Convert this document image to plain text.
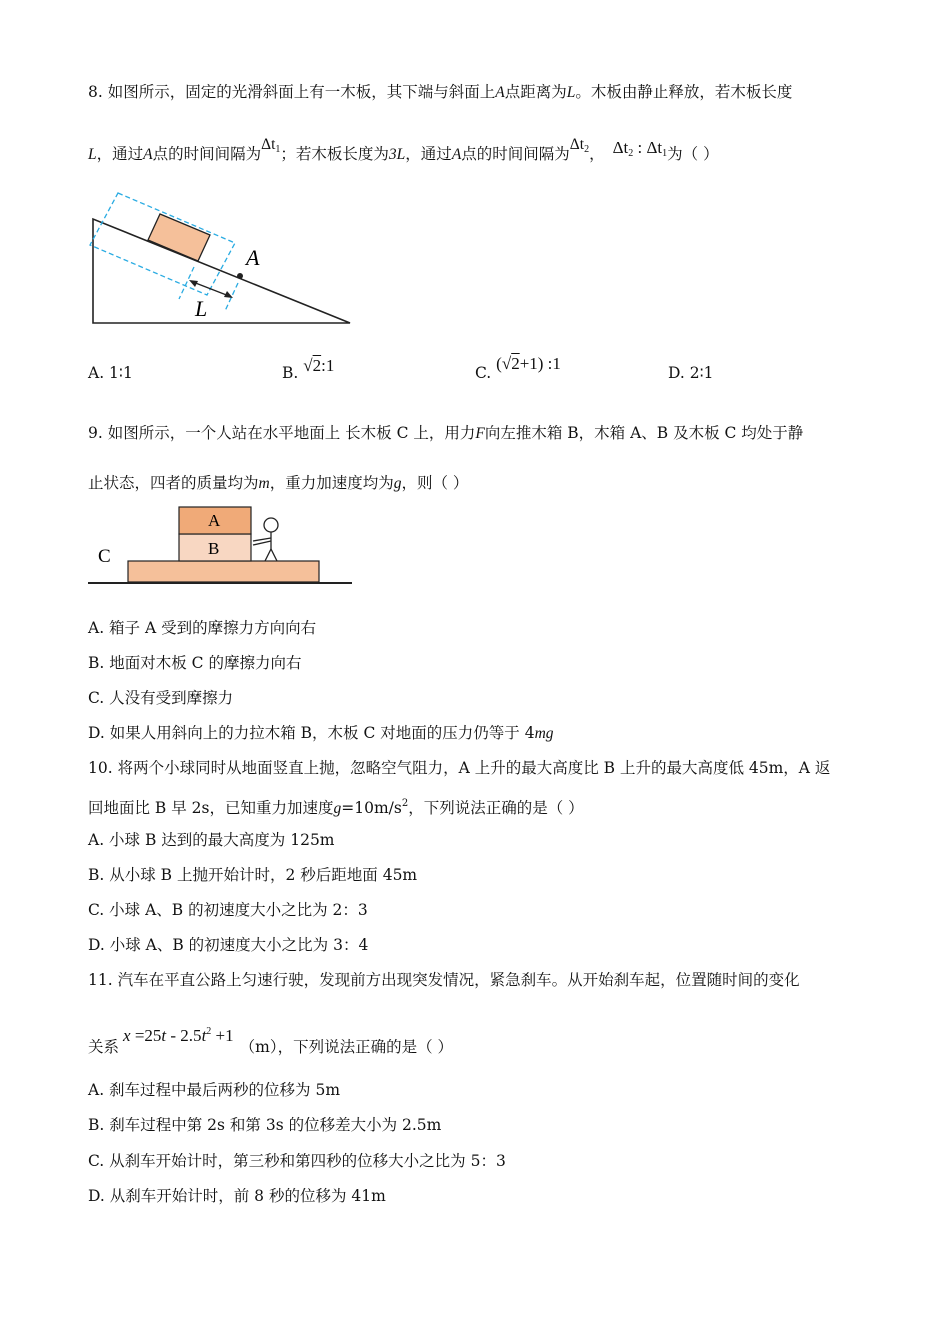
8. 如图所示，固定的光滑斜面上有一木板，其下端与斜面上A点距离为L。木板由静止释放，若木板长度
L，通过A点的时间间隔为$\Delta t_1$；若木板长度为3L，通过A点的时间间隔为$\Delta t_2$， $\Delta t_2$ : $\Delta t_1$为（ ）
A
L
A. 1∶1	B. √2:1	C. (√2+1) :1	D. 2∶1
9. 如图所示，一个人站在水平地面上 长木板 C 上，用力F向左推木箱 B，木箱 A、B 及木板 C 均处于静
止状态，四者的质量均为m，重力加速度均为g，则（ ）
A
B
C
A. 箱子 A 受到的摩擦力方向向右
B. 地面对木板 C 的摩擦力向右
C. 人没有受到摩擦力
D. 如果人用斜向上的力拉木箱 B，木板 C 对地面的压力仍等于 4mg
10. 将两个小球同时从地面竖直上抛，忽略空气阻力，A 上升的最大高度比 B 上升的最大高度低 45m，A 返
回地面比 B 早 2s，已知重力加速度$g=10m/s^2$，下列说法正确的是（ ）
A. 小球 B 达到的最大高度为 125m
B. 从小球 B 上抛开始计时，2 秒后距地面 45m
C. 小球 A、B 的初速度大小之比为 2：3
D. 小球 A、B 的初速度大小之比为 3：4
11. 汽车在平直公路上匀速行驶，发现前方出现突发情况，紧急刹车。从开始刹车起，位置随时间的变化
关系$x =25t - 2.5t^2 +1(m)$，下列说法正确的是（ ）
A. 刹车过程中最后两秒的位移为 5m
B. 刹车过程中第 2s 和第 3s 的位移差大小为 2.5m
C. 从刹车开始计时，第三秒和第四秒的位移大小之比为 5：3
D. 从刹车开始计时，前 8 秒的位移为 41m
